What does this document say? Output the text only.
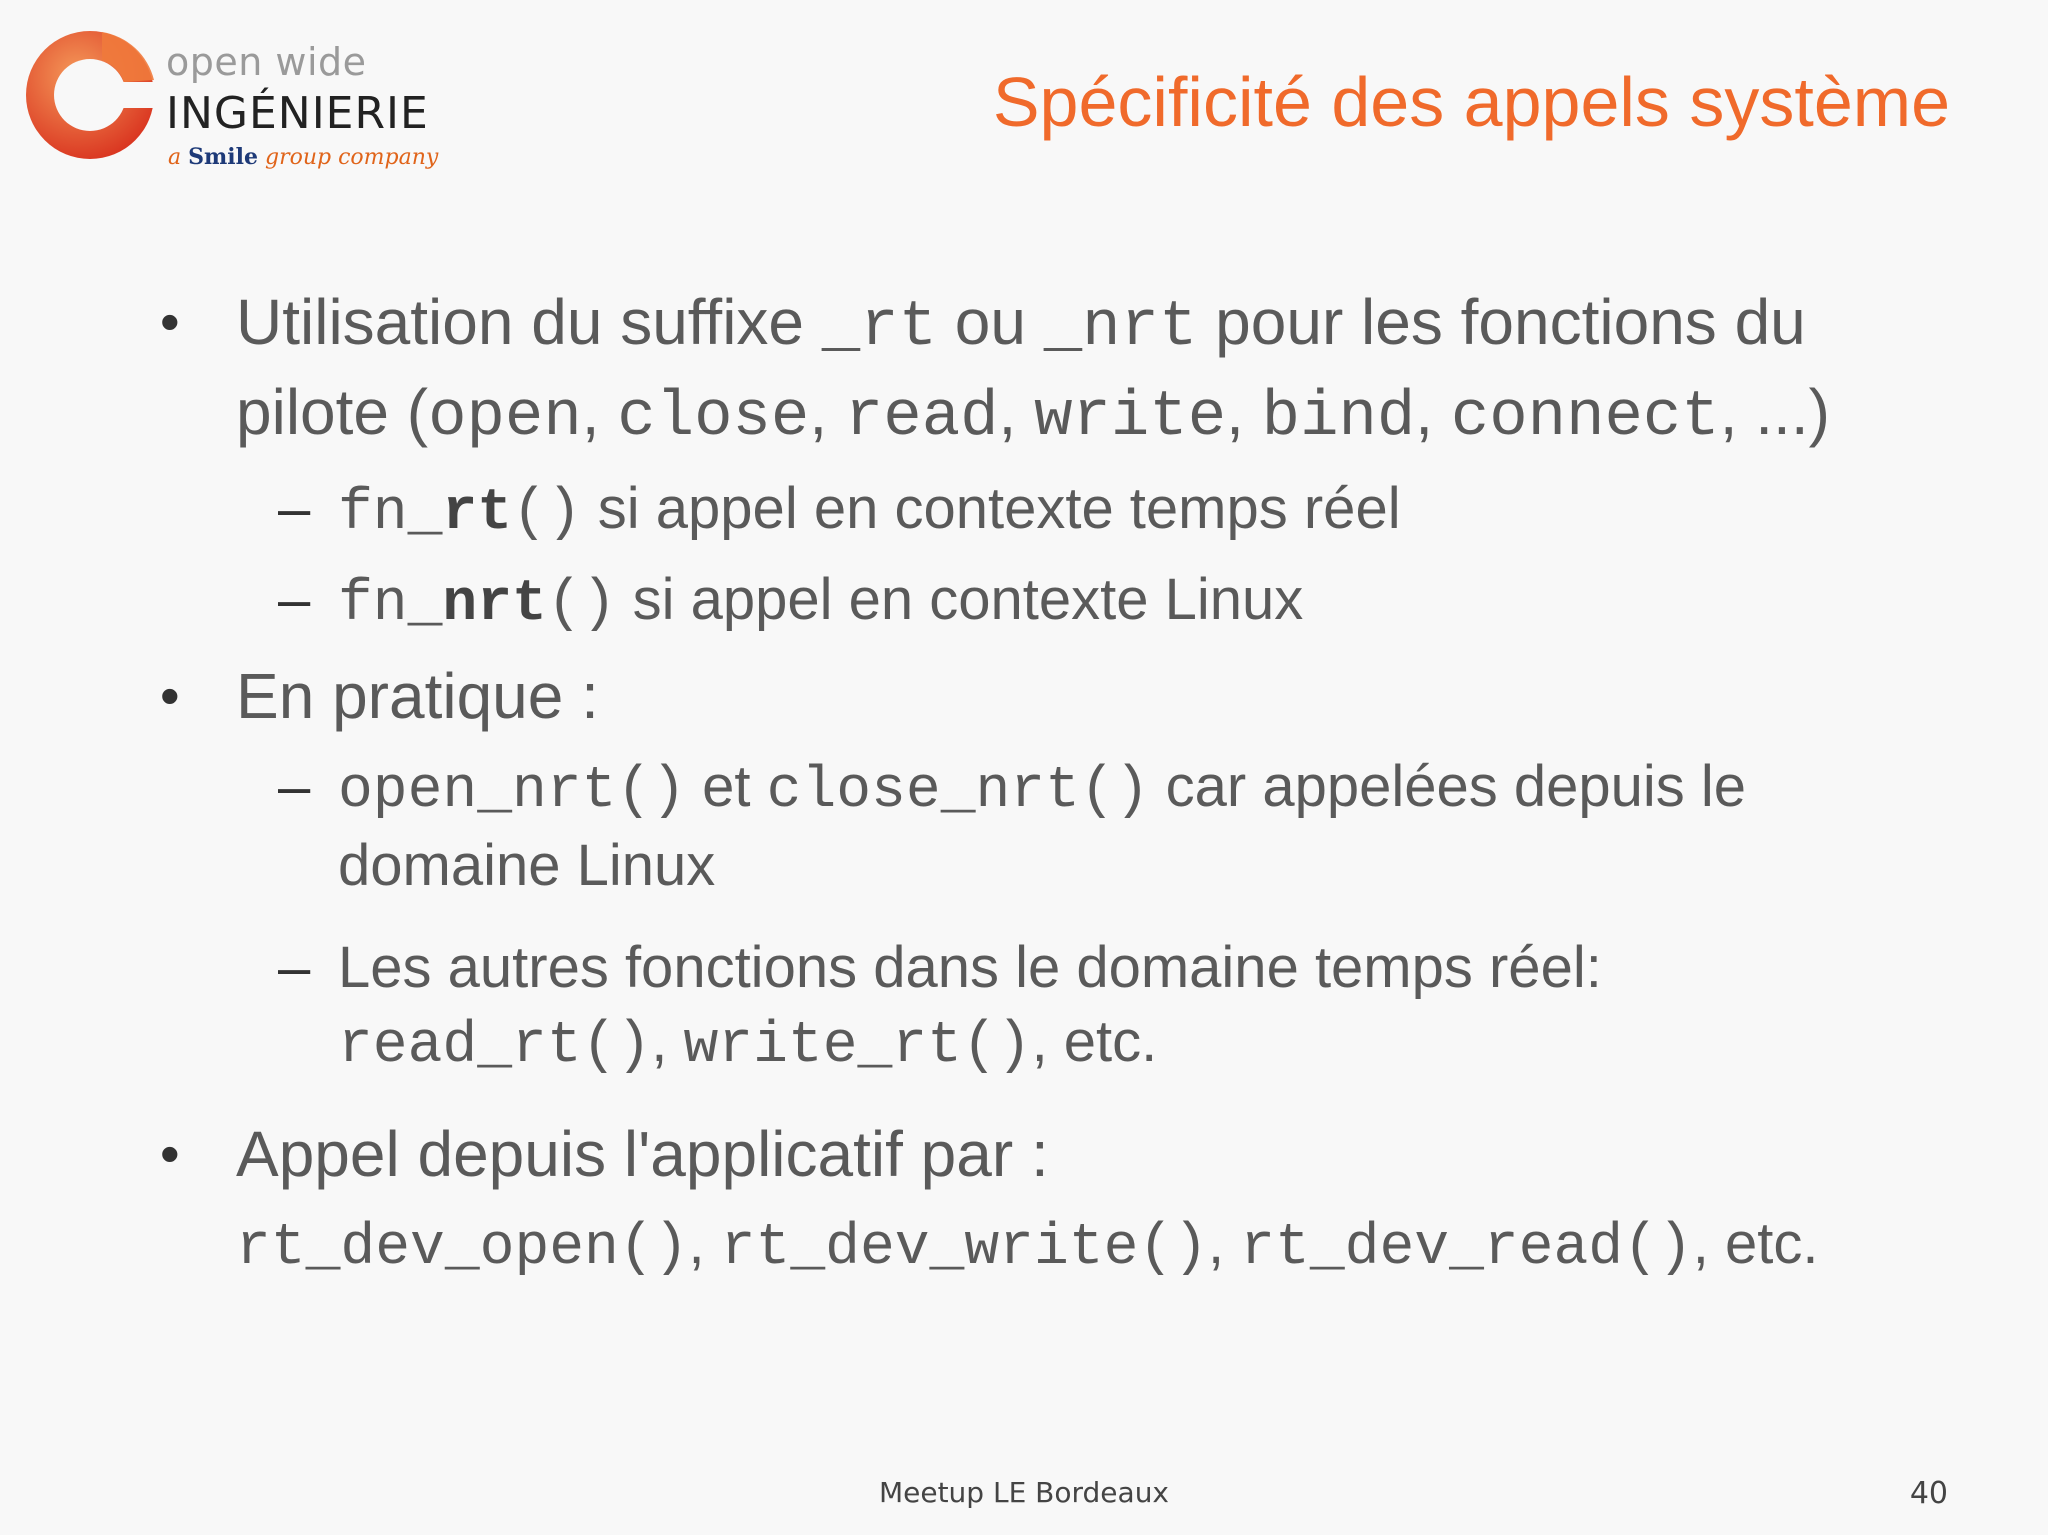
open wide
INGÉNIERIE
a Smile group company
Spécificité des appels système
• Utilisation du suffixe _rt ou _nrt pour les fonctions du pilote (open, close, read, write, bind, connect, ...)
– fn_rt() si appel en contexte temps réel
– fn_nrt() si appel en contexte Linux
• En pratique :
– open_nrt() et close_nrt() car appelées depuis le domaine Linux
– Les autres fonctions dans le domaine temps réel: read_rt(), write_rt(), etc.
• Appel depuis l'applicatif par :
rt_dev_open(), rt_dev_write(), rt_dev_read(), etc.
Meetup LE Bordeaux	40
